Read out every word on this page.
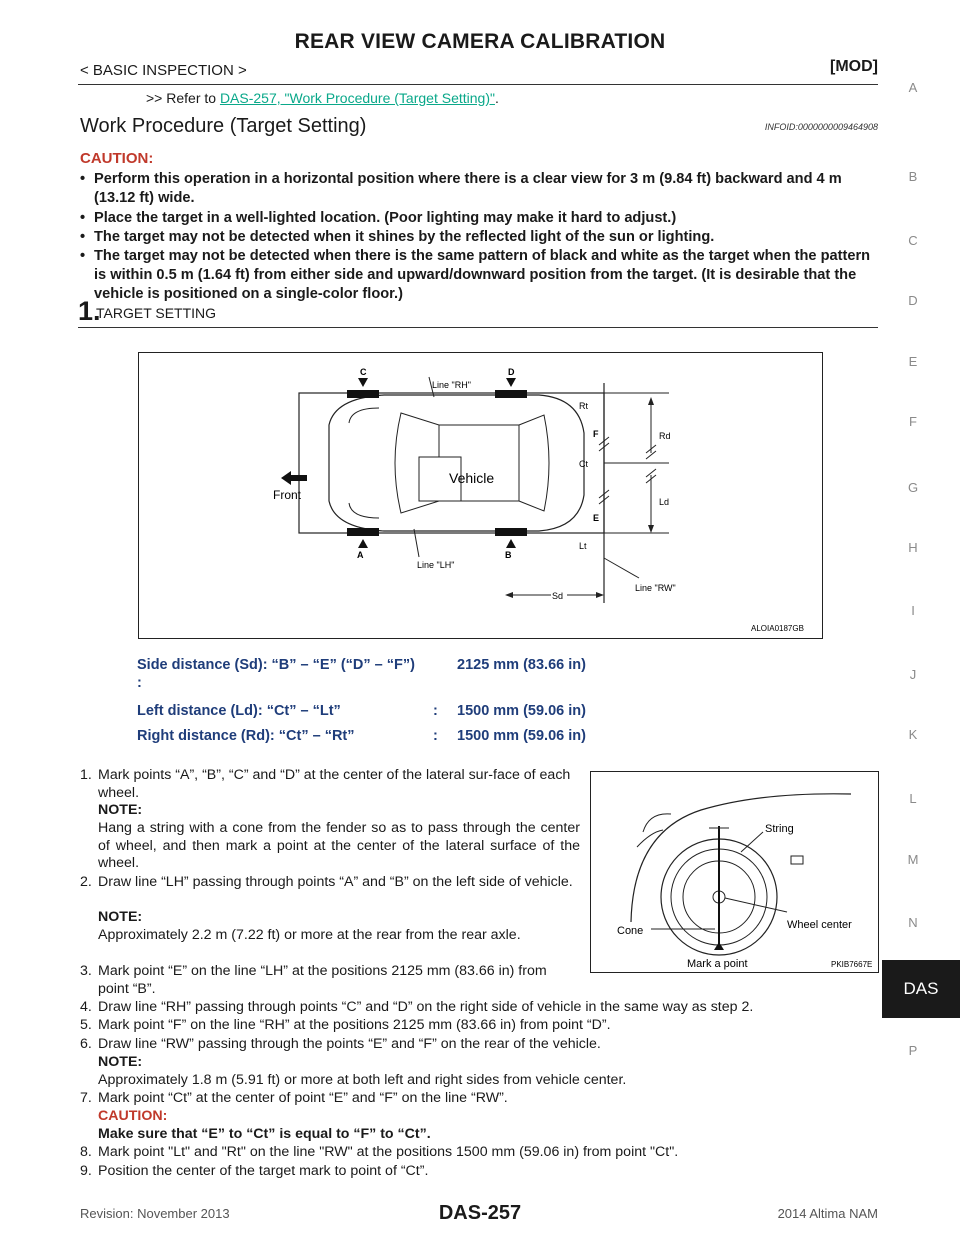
REAR VIEW CAMERA CALIBRATION
< BASIC INSPECTION >	[MOD]
>> Refer to DAS-257, "Work Procedure (Target Setting)".
Work Procedure (Target Setting)	INFOID:0000000009464908
CAUTION:
• Perform this operation in a horizontal position where there is a clear view for 3 m (9.84 ft) backward and 4 m (13.12 ft) wide.
• Place the target in a well-lighted location. (Poor lighting may make it hard to adjust.)
• The target may not be detected when it shines by the reflected light of the sun or lighting.
• The target may not be detected when there is the same pattern of black and white as the target when the pattern is within 0.5 m (1.64 ft) from either side and upward/downward position from the target. (It is desirable that the vehicle is positioned on a single-color floor.)
1.
TARGET SETTING
Line "RH"
Line "LH"
Line "RW"
Front
Vehicle
A	B
C	D
E
F
Rt
Ct
Lt
Rd
Ld
Sd
ALOIA0187GB
Side distance (Sd): “B” – “E” (“D” – “F”)
:
2125 mm (83.66 in)
Left distance (Ld): “Ct” – “Lt”	: 1500 mm (59.06 in)
Right distance (Rd): “Ct” – “Rt”	: 1500 mm (59.06 in)
String
Wheel center
Cone
Mark a point	PKIB7667E
1. Mark points “A”, “B”, “C” and “D” at the center of the lateral sur-face of each wheel.
NOTE:
Hang a string with a cone from the fender so as to pass through the center of wheel, and then mark a point at the center of the lateral surface of the wheel.
2. Draw line “LH” passing through points “A” and “B” on the left side of vehicle.
NOTE:
Approximately 2.2 m (7.22 ft) or more at the rear from the rear axle.
3. Mark point “E” on the line “LH” at the positions 2125 mm (83.66 in) from point “B”.
4. Draw line “RH” passing through points “C” and “D” on the right side of vehicle in the same way as step 2.
5. Mark point “F” on the line “RH” at the positions 2125 mm (83.66 in) from point “D”.
6. Draw line “RW” passing through the points “E” and “F” on the rear of the vehicle.
NOTE:
Approximately 1.8 m (5.91 ft) or more at both left and right sides from vehicle center.
7. Mark point “Ct” at the center of point “E” and “F” on the line “RW”.
CAUTION:
Make sure that “E” to “Ct” is equal to “F” to “Ct”.
8. Mark point "Lt" and "Rt" on the line "RW" at the positions 1500 mm (59.06 in) from point "Ct".
9. Position the center of the target mark to point of “Ct”.
A
B
C
D
E
F
G
H
I
J
K
L
M
N
DAS
P
Revision: November 2013	DAS-257	2014 Altima NAM
